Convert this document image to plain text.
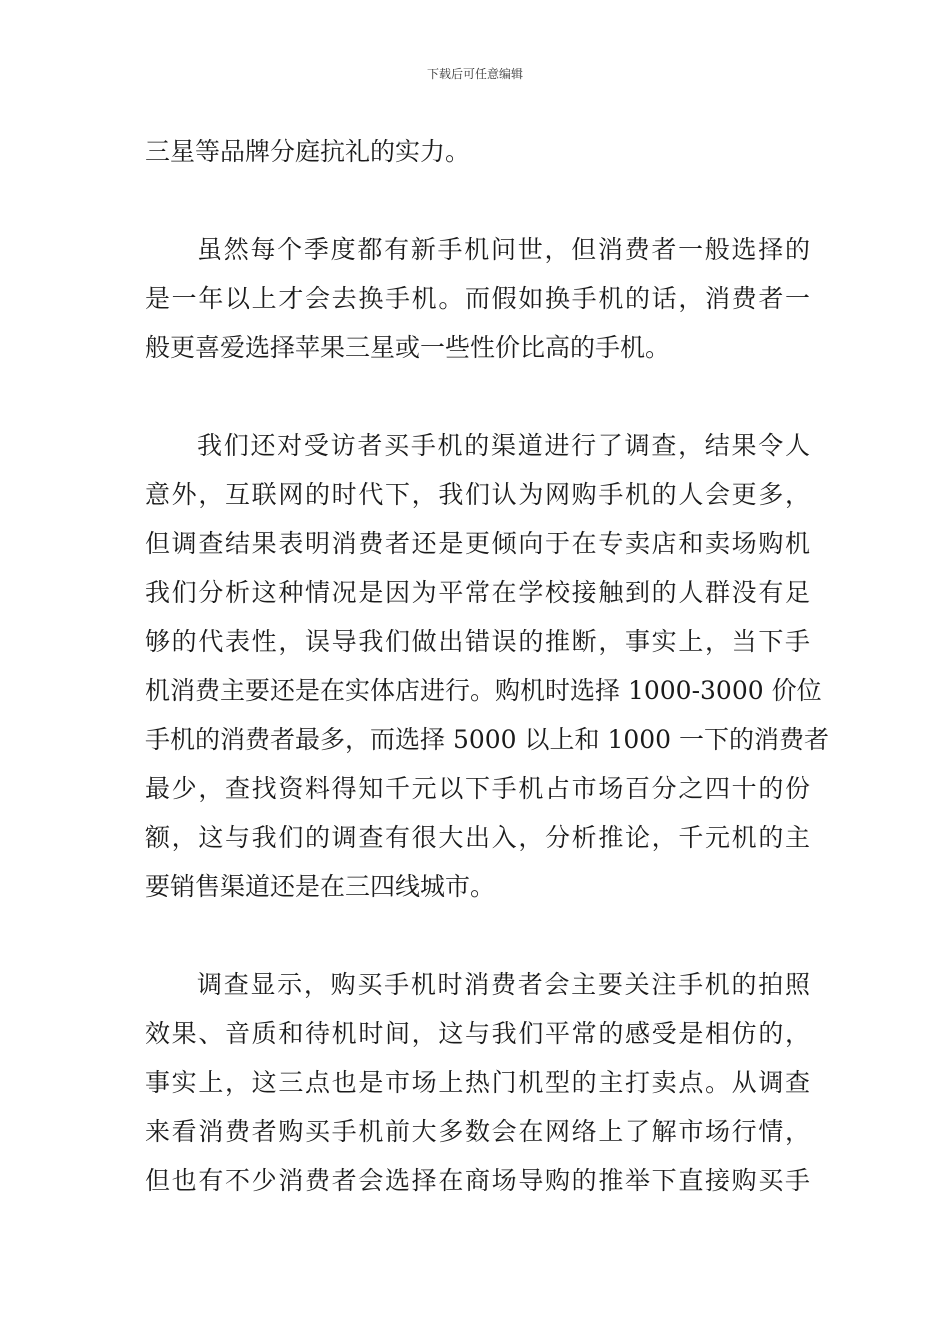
下载后可任意编辑
三星等品牌分庭抗礼的实力。
虽然每个季度都有新手机问世，但消费者一般选择的
是一年以上才会去换手机。而假如换手机的话，消费者一
般更喜爱选择苹果三星或一些性价比高的手机。
我们还对受访者买手机的渠道进行了调查，结果令人
意外，互联网的时代下，我们认为网购手机的人会更多，
但调查结果表明消费者还是更倾向于在专卖店和卖场购机
我们分析这种情况是因为平常在学校接触到的人群没有足
够的代表性，误导我们做出错误的推断，事实上，当下手
机消费主要还是在实体店进行。购机时选择 1000-3000 价位
手机的消费者最多，而选择 5000 以上和 1000 一下的消费者
最少，查找资料得知千元以下手机占市场百分之四十的份
额，这与我们的调查有很大出入，分析推论，千元机的主
要销售渠道还是在三四线城市。
调查显示，购买手机时消费者会主要关注手机的拍照
效果、音质和待机时间，这与我们平常的感受是相仿的，
事实上，这三点也是市场上热门机型的主打卖点。从调查
来看消费者购买手机前大多数会在网络上了解市场行情，
但也有不少消费者会选择在商场导购的推举下直接购买手
